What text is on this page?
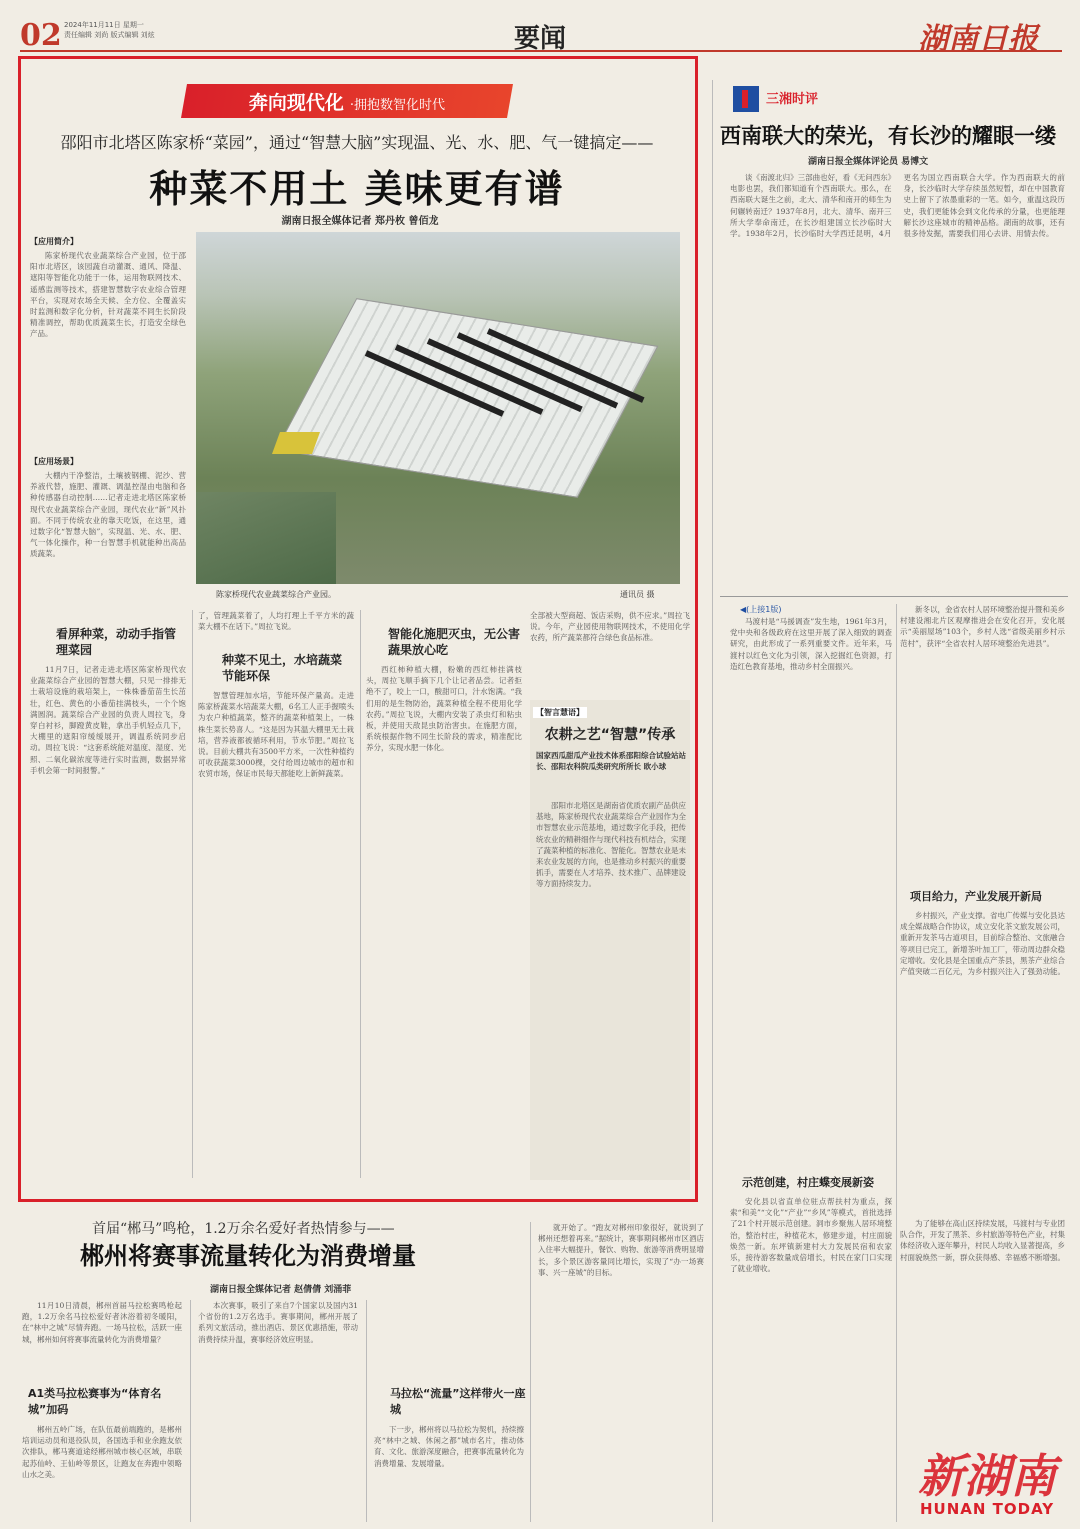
02 2024年11月11日 星期一
责任编辑 刘尚 版式编辑 刘炫	要闻	湖南日报
奔向现代化 ·拥抱数智化时代
邵阳市北塔区陈家桥“菜园”，通过“智慧大脑”实现温、光、水、肥、气一键搞定——
种菜不用土 美味更有谱
湖南日报全媒体记者 郑丹枚 曾佰龙
【应用简介】

陈家桥现代农业蔬菜综合产业园，位于邵阳市北塔区，该园蔬自动灌溉、通风、降温、遮阳等智能化功能于一体，运用物联网技术、遥感监测等技术，搭建智慧数字农业综合管理平台，实现对农场全天候、全方位、全覆盖实时监测和数字化分析，针对蔬菜不同生长阶段精准调控，帮助优质蔬菜生长，打造安全绿色产品。

【应用场景】

大棚内干净整洁，土壤被钢棚、泥沙、营养液代替，施肥、灌溉、调温控湿由电脑和各种传感器自动控制……记者走进北塔区陈家桥现代农业蔬菜综合产业园，现代农业“新”风扑面。不同于传统农业的靠天吃饭，在这里，通过数字化“智慧大脑”，实现温、光、水、肥、气一体化操作，种一台智慧手机就能种出高品质蔬菜。

陈家桥现代农业蔬菜综合产业园。	通讯员 摄
看屏种菜，动动手指管理菜园

11月7日，记者走进北塔区陈家桥现代农业蔬菜综合产业园的智慧大棚，只见一排排无土栽培设施的栽培架上，一株株番茄苗生长茁壮，红色、黄色的小番茄挂满枝头，一个个饱满圆润。蔬菜综合产业园的负责人周拉飞，身穿白衬衫，脚蹬黄皮鞋，拿出手机轻点几下，大棚里的遮阳帘缓缓展开，调温系统同步启动。周拉飞说：“这套系统能对温度、湿度、光照、二氧化碳浓度等进行实时监测，数据异常手机会第一时间报警。”

了，管理蔬菜着了，人均打理上千平方米的蔬菜大棚不在话下。”周拉飞说。

种菜不见土，水培蔬菜节能环保

智慧管理加水培，节能环保产量高。走进陈家桥蔬菜水培蔬菜大棚，6名工人正手握喷头为农户种植蔬菜，整齐的蔬菜种植架上，一株株生菜长势喜人。“这是因为其温大棚里无土栽培，营养液都被循环利用，节水节肥。”周拉飞说。目前大棚共有3500平方米，一次性种植约可收获蔬菜3000棵，交付给周边城市的超市和农贸市场，保证市民每天都能吃上新鲜蔬菜。

智能化施肥灭虫，无公害蔬果放心吃

西红柿种植大棚，粉嫩的西红柿挂满枝头，周拉飞顺手摘下几个让记者品尝。记者拒绝不了，咬上一口，酸甜可口，汁水饱满。“我们用的是生物防治，蔬菜种植全程不使用化学农药。”周拉飞说，大棚内安装了杀虫灯和粘虫板，并使用天敌昆虫防治害虫。在施肥方面，系统根据作物不同生长阶段的需求，精准配比养分，实现水肥一体化。

全部被大型商超、饭店采购，供不应求。”周拉飞说。今年，产业园使用物联网技术，不使用化学农药，所产蔬菜都符合绿色食品标准。

【智言慧语】
农耕之艺“智慧”传承
国家西瓜甜瓜产业技术体系邵阳综合试验站站长、邵阳农科院瓜类研究所所长 欧小球

邵阳市北塔区是湖南省优质农副产品供应基地，陈家桥现代农业蔬菜综合产业园作为全市智慧农业示范基地，通过数字化手段，把传统农业的精耕细作与现代科技有机结合，实现了蔬菜种植的标准化、智能化。智慧农业是未来农业发展的方向，也是推动乡村振兴的重要抓手，需要在人才培养、技术推广、品牌建设等方面持续发力。

三湘时评
西南联大的荣光，有长沙的耀眼一缕
湖南日报全媒体评论员 易博文

谈《南渡北归》三部曲也好，看《无问西东》电影也罢，我们都知道有个西南联大。那么，在西南联大诞生之前，北大、清华和南开的师生为何辗转南迁？1937年8月，北大、清华、南开三所大学奉命南迁，在长沙组建国立长沙临时大学。1938年2月，长沙临时大学西迁昆明，4月更名为国立西南联合大学。作为西南联大的前身，长沙临时大学存续虽然短暂，却在中国教育史上留下了浓墨重彩的一笔。如今，重温这段历史，我们更能体会到文化传承的分量，也更能理解长沙这座城市的精神品格。湖南的故事，还有很多待发掘，需要我们用心去讲、用情去传。

◀(上接1版)

马渡村是“马援调查”发生地，1961年3月，党中央和各级政府在这里开展了深入细致的调查研究，由此形成了一系列重要文件。近年来，马渡村以红色文化为引领，深入挖掘红色资源，打造红色教育基地，推动乡村全面振兴。

新冬以，金省农村人居环境整治提升暨和美乡村建设湘北片区观摩推进会在安化召开，安化展示“美丽屋场”103个，乡村人选“省级美丽乡村示范村”，获评“全省农村人居环境整治先进县”。

项目给力，产业发展开新局

乡村振兴，产业支撑。省电广传媒与安化县达成全媒战略合作协议，成立安化茶文旅发展公司，重新开发茶马古道项目，目前综合整治、文旅融合等项目已完工，新增茶叶加工厂，带动周边群众稳定增收。安化县是全国重点产茶县，黑茶产业综合产值突破二百亿元，为乡村振兴注入了强劲动能。

为了能够在高山区持续发展，马渡村与专业团队合作，开发了黑茶、乡村旅游等特色产业，村集体经济收入逐年攀升，村民人均收入显著提高，乡村面貌焕然一新，群众获得感、幸福感不断增强。

示范创建，村庄蝶变展新姿

安化县以省直单位驻点帮扶村为重点，探索“和美”“文化”“产业”“乡风”等模式，首批选择了21个村开展示范创建。洞市乡聚焦人居环境整治，整治村庄，种植花木，修建步道，村庄面貌焕然一新。东坪镇新建村大力发展民宿和农家乐，接待游客数量成倍增长，村民在家门口实现了就业增收。

首届“郴马”鸣枪，1.2万余名爱好者热情参与——
郴州将赛事流量转化为消费增量
湖南日报全媒体记者 赵倩倩 刘涌菲

11月10日清晨，郴州首届马拉松赛鸣枪起跑，1.2万余名马拉松爱好者沐浴着初冬暖阳，在“林中之城”尽情奔跑。一场马拉松，活跃一座城，郴州如何将赛事流量转化为消费增量？

A1类马拉松赛事为“体育名城”加码

郴州五岭广场，在队伍最前端跑的，是郴州培训运动员和退役队员，各国选手和业余跑友依次排队，郴马赛道途经郴州城市核心区域，串联起苏仙岭、王仙岭等景区，让跑友在奔跑中领略山水之美。

本次赛事，吸引了来自7个国家以及国内31个省份的1.2万名选手。赛事期间，郴州开展了系列文旅活动，推出酒店、景区优惠措施，带动消费持续升温，赛事经济效应明显。

马拉松“流量”这样带火一座城

下一步，郴州将以马拉松为契机，持续擦亮“林中之城、休闲之都”城市名片，推动体育、文化、旅游深度融合，把赛事流量转化为消费增量、发展增量。

就开始了。“跑友对郴州印象很好，就说到了郴州还想着再来。”据统计，赛事期间郴州市区酒店入住率大幅提升，餐饮、购物、旅游等消费明显增长，多个景区游客量同比增长，实现了“办一场赛事、兴一座城”的目标。

新湖南
HUNAN TODAY
